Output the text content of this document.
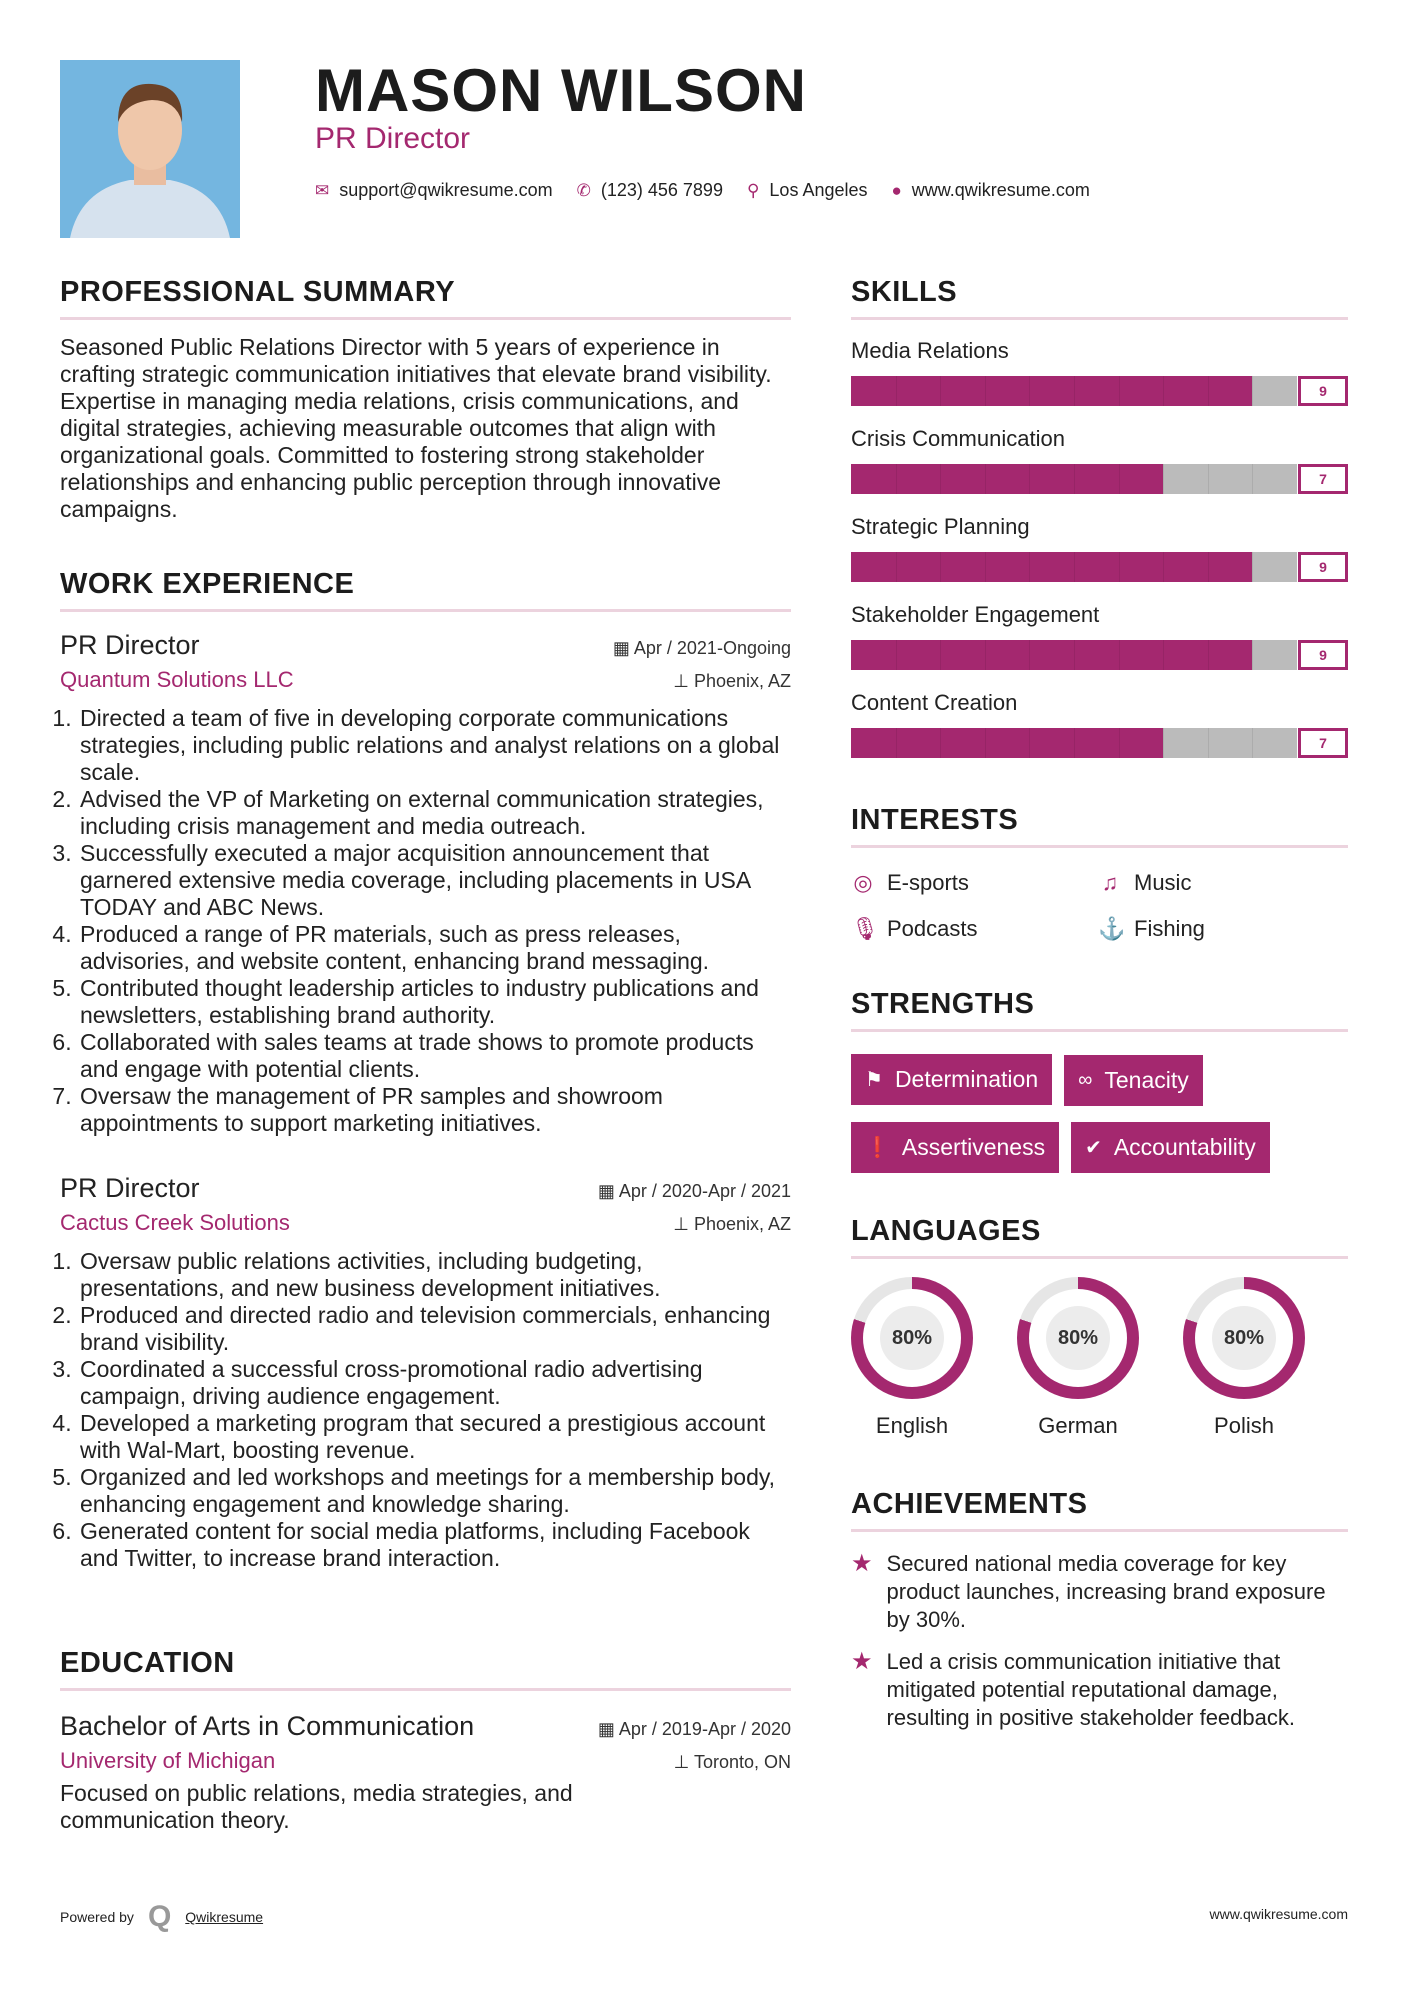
MASON WILSON
PR Director
✉ support@qwikresume.com ✆ (123) 456 7899 ⚲ Los Angeles ● www.qwikresume.com
PROFESSIONAL SUMMARY
Seasoned Public Relations Director with 5 years of experience in crafting strategic communication initiatives that elevate brand visibility. Expertise in managing media relations, crisis communications, and digital strategies, achieving measurable outcomes that align with organizational goals. Committed to fostering strong stakeholder relationships and enhancing public perception through innovative campaigns.
WORK EXPERIENCE
PR Director	▦ Apr / 2021-Ongoing
Quantum Solutions LLC	⊥ Phoenix, AZ
1. Directed a team of five in developing corporate communications strategies, including public relations and analyst relations on a global scale.
2. Advised the VP of Marketing on external communication strategies, including crisis management and media outreach.
3. Successfully executed a major acquisition announcement that garnered extensive media coverage, including placements in USA TODAY and ABC News.
4. Produced a range of PR materials, such as press releases, advisories, and website content, enhancing brand messaging.
5. Contributed thought leadership articles to industry publications and newsletters, establishing brand authority.
6. Collaborated with sales teams at trade shows to promote products and engage with potential clients.
7. Oversaw the management of PR samples and showroom appointments to support marketing initiatives.
PR Director	▦ Apr / 2020-Apr / 2021
Cactus Creek Solutions	⊥ Phoenix, AZ
1. Oversaw public relations activities, including budgeting, presentations, and new business development initiatives.
2. Produced and directed radio and television commercials, enhancing brand visibility.
3. Coordinated a successful cross-promotional radio advertising campaign, driving audience engagement.
4. Developed a marketing program that secured a prestigious account with Wal-Mart, boosting revenue.
5. Organized and led workshops and meetings for a membership body, enhancing engagement and knowledge sharing.
6. Generated content for social media platforms, including Facebook and Twitter, to increase brand interaction.
EDUCATION
Bachelor of Arts in Communication	▦ Apr / 2019-Apr / 2020
University of Michigan	⊥ Toronto, ON
Focused on public relations, media strategies, and communication theory.
SKILLS
Media Relations
9
Crisis Communication
7
Strategic Planning
9
Stakeholder Engagement
9
Content Creation
7
INTERESTS
◎ E-sports	♫ Music
🎙 Podcasts	⚓ Fishing
STRENGTHS
⚑ Determination ∞ Tenacity

❗ Assertiveness ✔ Accountability
LANGUAGES
80%
English
80%
German
80%
Polish
ACHIEVEMENTS
★ Secured national media coverage for key product launches, increasing brand exposure by 30%.
★ Led a crisis communication initiative that mitigated potential reputational damage, resulting in positive stakeholder feedback.
Powered by Q Qwikresume	www.qwikresume.com
